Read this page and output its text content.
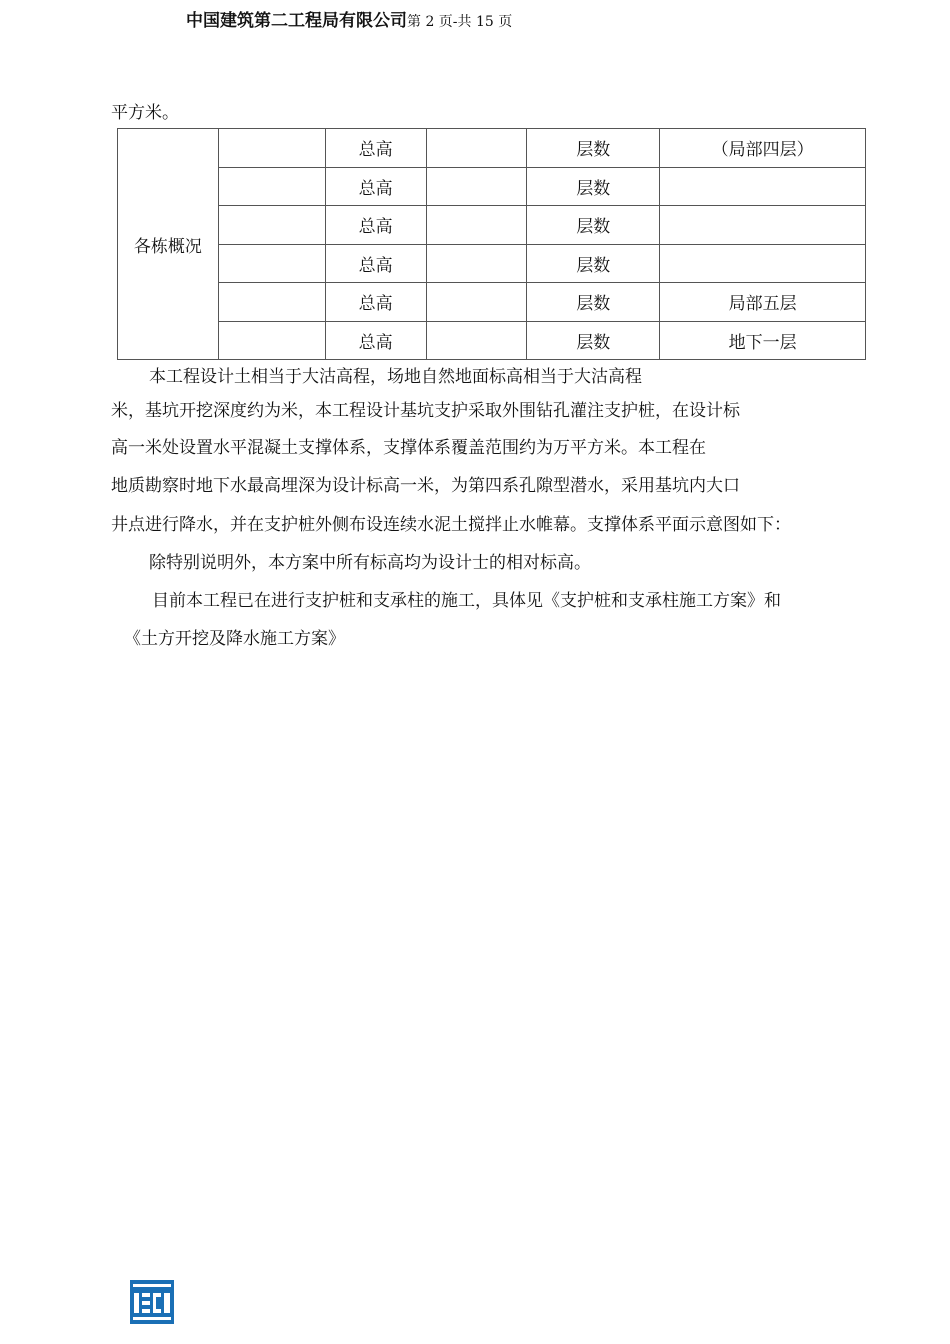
中国建筑第二工程局有限公司第 2 页-共 15 页
平方米。
各栋概况		总高		层数	（局部四层）
		总高		层数	
		总高		层数	
		总高		层数	
		总高		层数	局部五层
		总高		层数	地下一层
本工程设计土相当于大沽高程，场地自然地面标高相当于大沽高程
米，基坑开挖深度约为米，本工程设计基坑支护采取外围钻孔灌注支护桩，在设计标
高一米处设置水平混凝土支撑体系，支撑体系覆盖范围约为万平方米。本工程在
地质勘察时地下水最高埋深为设计标高一米，为第四系孔隙型潜水，采用基坑内大口
井点进行降水，并在支护桩外侧布设连续水泥土搅拌止水帷幕。支撑体系平面示意图如下：
除特别说明外，本方案中所有标高均为设计士的相对标高。
目前本工程已在进行支护桩和支承柱的施工，具体见《支护桩和支承柱施工方案》和
《土方开挖及降水施工方案》
